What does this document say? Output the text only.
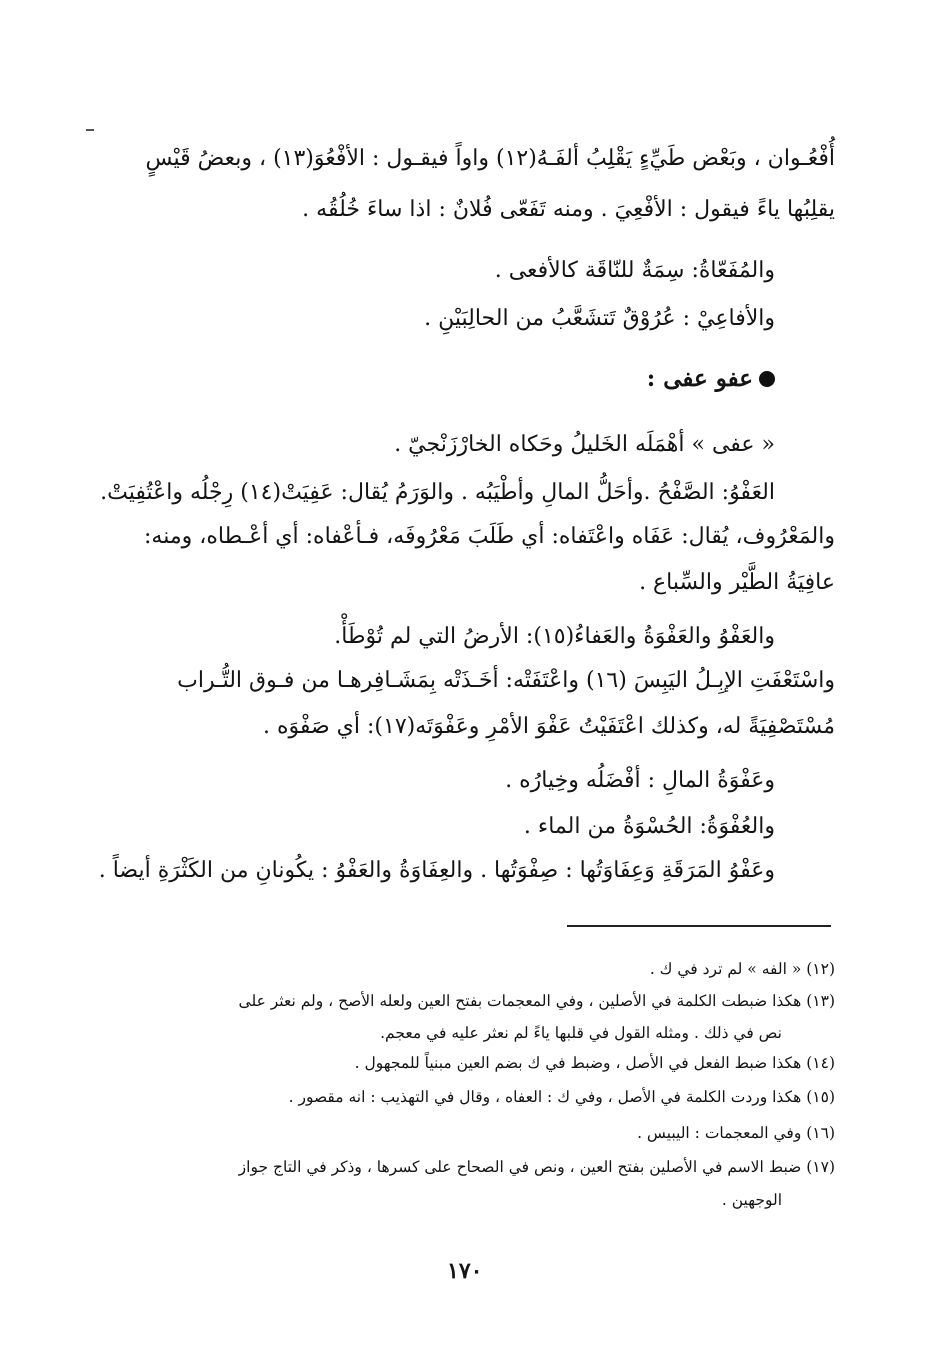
أُفْعُـوان ، وبَعْض طَيِّءٍ يَقْلِبُ ألفَـهُ(١٢) واواً فيقـول : الأفْعُوَ(١٣) ، وبعضُ قَيْسٍ
يقلِبُها ياءً فيقول : الأفْعِيَ . ومنه تَفَعّى فُلانٌ : اذا ساءَ خُلُقُه .
والمُفَعّاةُ: سِمَةٌ للنّاقَة كالأفعى .
والأفاعِيْ : عُرُوْقٌ تَتشَعَّبُ من الحالِبَيْنِ .
عفو عفى :
« عفى » أهْمَلَه الخَليلُ وحَكاه الخارْزَنْجيّ .
العَفْوُ: الصَّفْحُ .وأحَلُّ المالِ وأطْيَبُه . والوَرَمُ يُقال: عَفِيَتْ(١٤) رِجْلُه واعْتُفِيَتْ.
والمَعْرُوف، يُقال: عَفَاه واعْتَفاه: أي طَلَبَ مَعْرُوفَه، فـأعْفاه: أي أعْـطاه، ومنه:
عافِيَةُ الطَّيْر والسِّباع .
والعَفْوُ والعَفْوَةُ والعَفاءُ(١٥): الأرضُ التي لم تُوْطَأْ.
واسْتَعْفَتِ الإبِـلُ اليَبِسَ (١٦) واعْتَفَتْه: أخَـذَتْه بِمَشَـافِرهـا من فـوق التُّـراب
مُسْتَصْفِيَةً له، وكذلك اعْتَفَيْتُ عَفْوَ الأمْرِ وعَفْوَتَه(١٧): أي صَفْوَه .
وعَفْوَةُ المالِ : أفْضَلُه وخِيارُه .
والعُفْوَةُ: الحُسْوَةُ من الماء .
وعَفْوُ المَرَقَةِ وَعِفَاوَتُها : صِفْوَتُها . والعِفَاوَةُ والعَفْوُ : يكُونانِ من الكَثْرَةِ أيضاً .
(١٢) « الفه » لم ترد في ك .
(١٣) هكذا ضبطت الكلمة في الأصلين ، وفي المعجمات بفتح العين ولعله الأصح ، ولم نعثر على
نص في ذلك . ومثله القول في قلبها ياءً لم نعثر عليه في معجم.
(١٤) هكذا ضبط الفعل في الأصل ، وضبط في ك بضم العين مبنياً للمجهول .
(١٥) هكذا وردت الكلمة في الأصل ، وفي ك : العفاه ، وقال في التهذيب : انه مقصور .
(١٦) وفي المعجمات : اليبيس .
(١٧) ضبط الاسم في الأصلين بفتح العين ، ونص في الصحاح على كسرها ، وذكر في التاج جواز
الوجهين .
١٧٠
